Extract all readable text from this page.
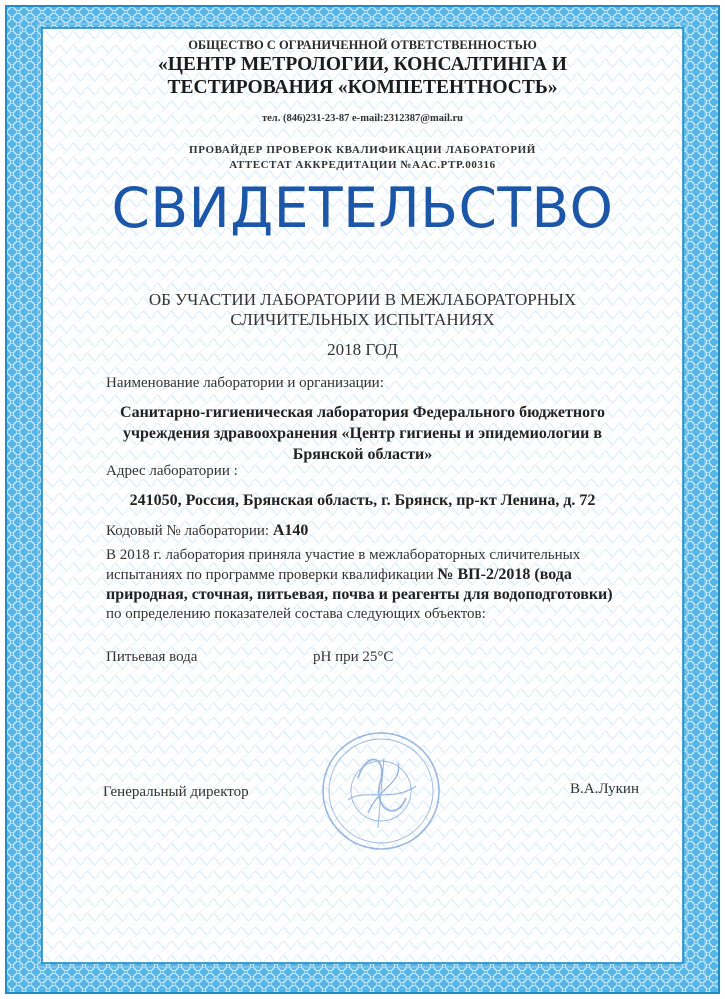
ОБЩЕСТВО С ОГРАНИЧЕННОЙ ОТВЕТСТВЕННОСТЬЮ
«ЦЕНТР МЕТРОЛОГИИ, КОНСАЛТИНГА И
ТЕСТИРОВАНИЯ «КОМПЕТЕНТНОСТЬ»
тел. (846)231-23-87 e-mail:2312387@mail.ru
ПРОВАЙДЕР ПРОВЕРОК КВАЛИФИКАЦИИ ЛАБОРАТОРИЙ
АТТЕСТАТ АККРЕДИТАЦИИ №ААС.РТР.00316
СВИДЕТЕЛЬСТВО
ОБ УЧАСТИИ ЛАБОРАТОРИИ В МЕЖЛАБОРАТОРНЫХ
СЛИЧИТЕЛЬНЫХ ИСПЫТАНИЯХ
2018 ГОД
Наименование лаборатории и организации:
Санитарно-гигиеническая лаборатория Федерального бюджетного
учреждения здравоохранения «Центр гигиены и эпидемиологии в
Брянской области»
Адрес лаборатории :
241050, Россия, Брянская область, г. Брянск, пр-кт Ленина, д. 72
Кодовый № лаборатории: А140
В 2018 г. лаборатория приняла участие в межлабораторных сличительных
испытаниях по программе проверки квалификации № ВП-2/2018 (вода
природная, сточная, питьевая, почва и реагенты для водоподготовки)
по определению показателей состава следующих объектов:
Питьевая вода	pH при 25°С
Генеральный директор	В.А.Лукин
